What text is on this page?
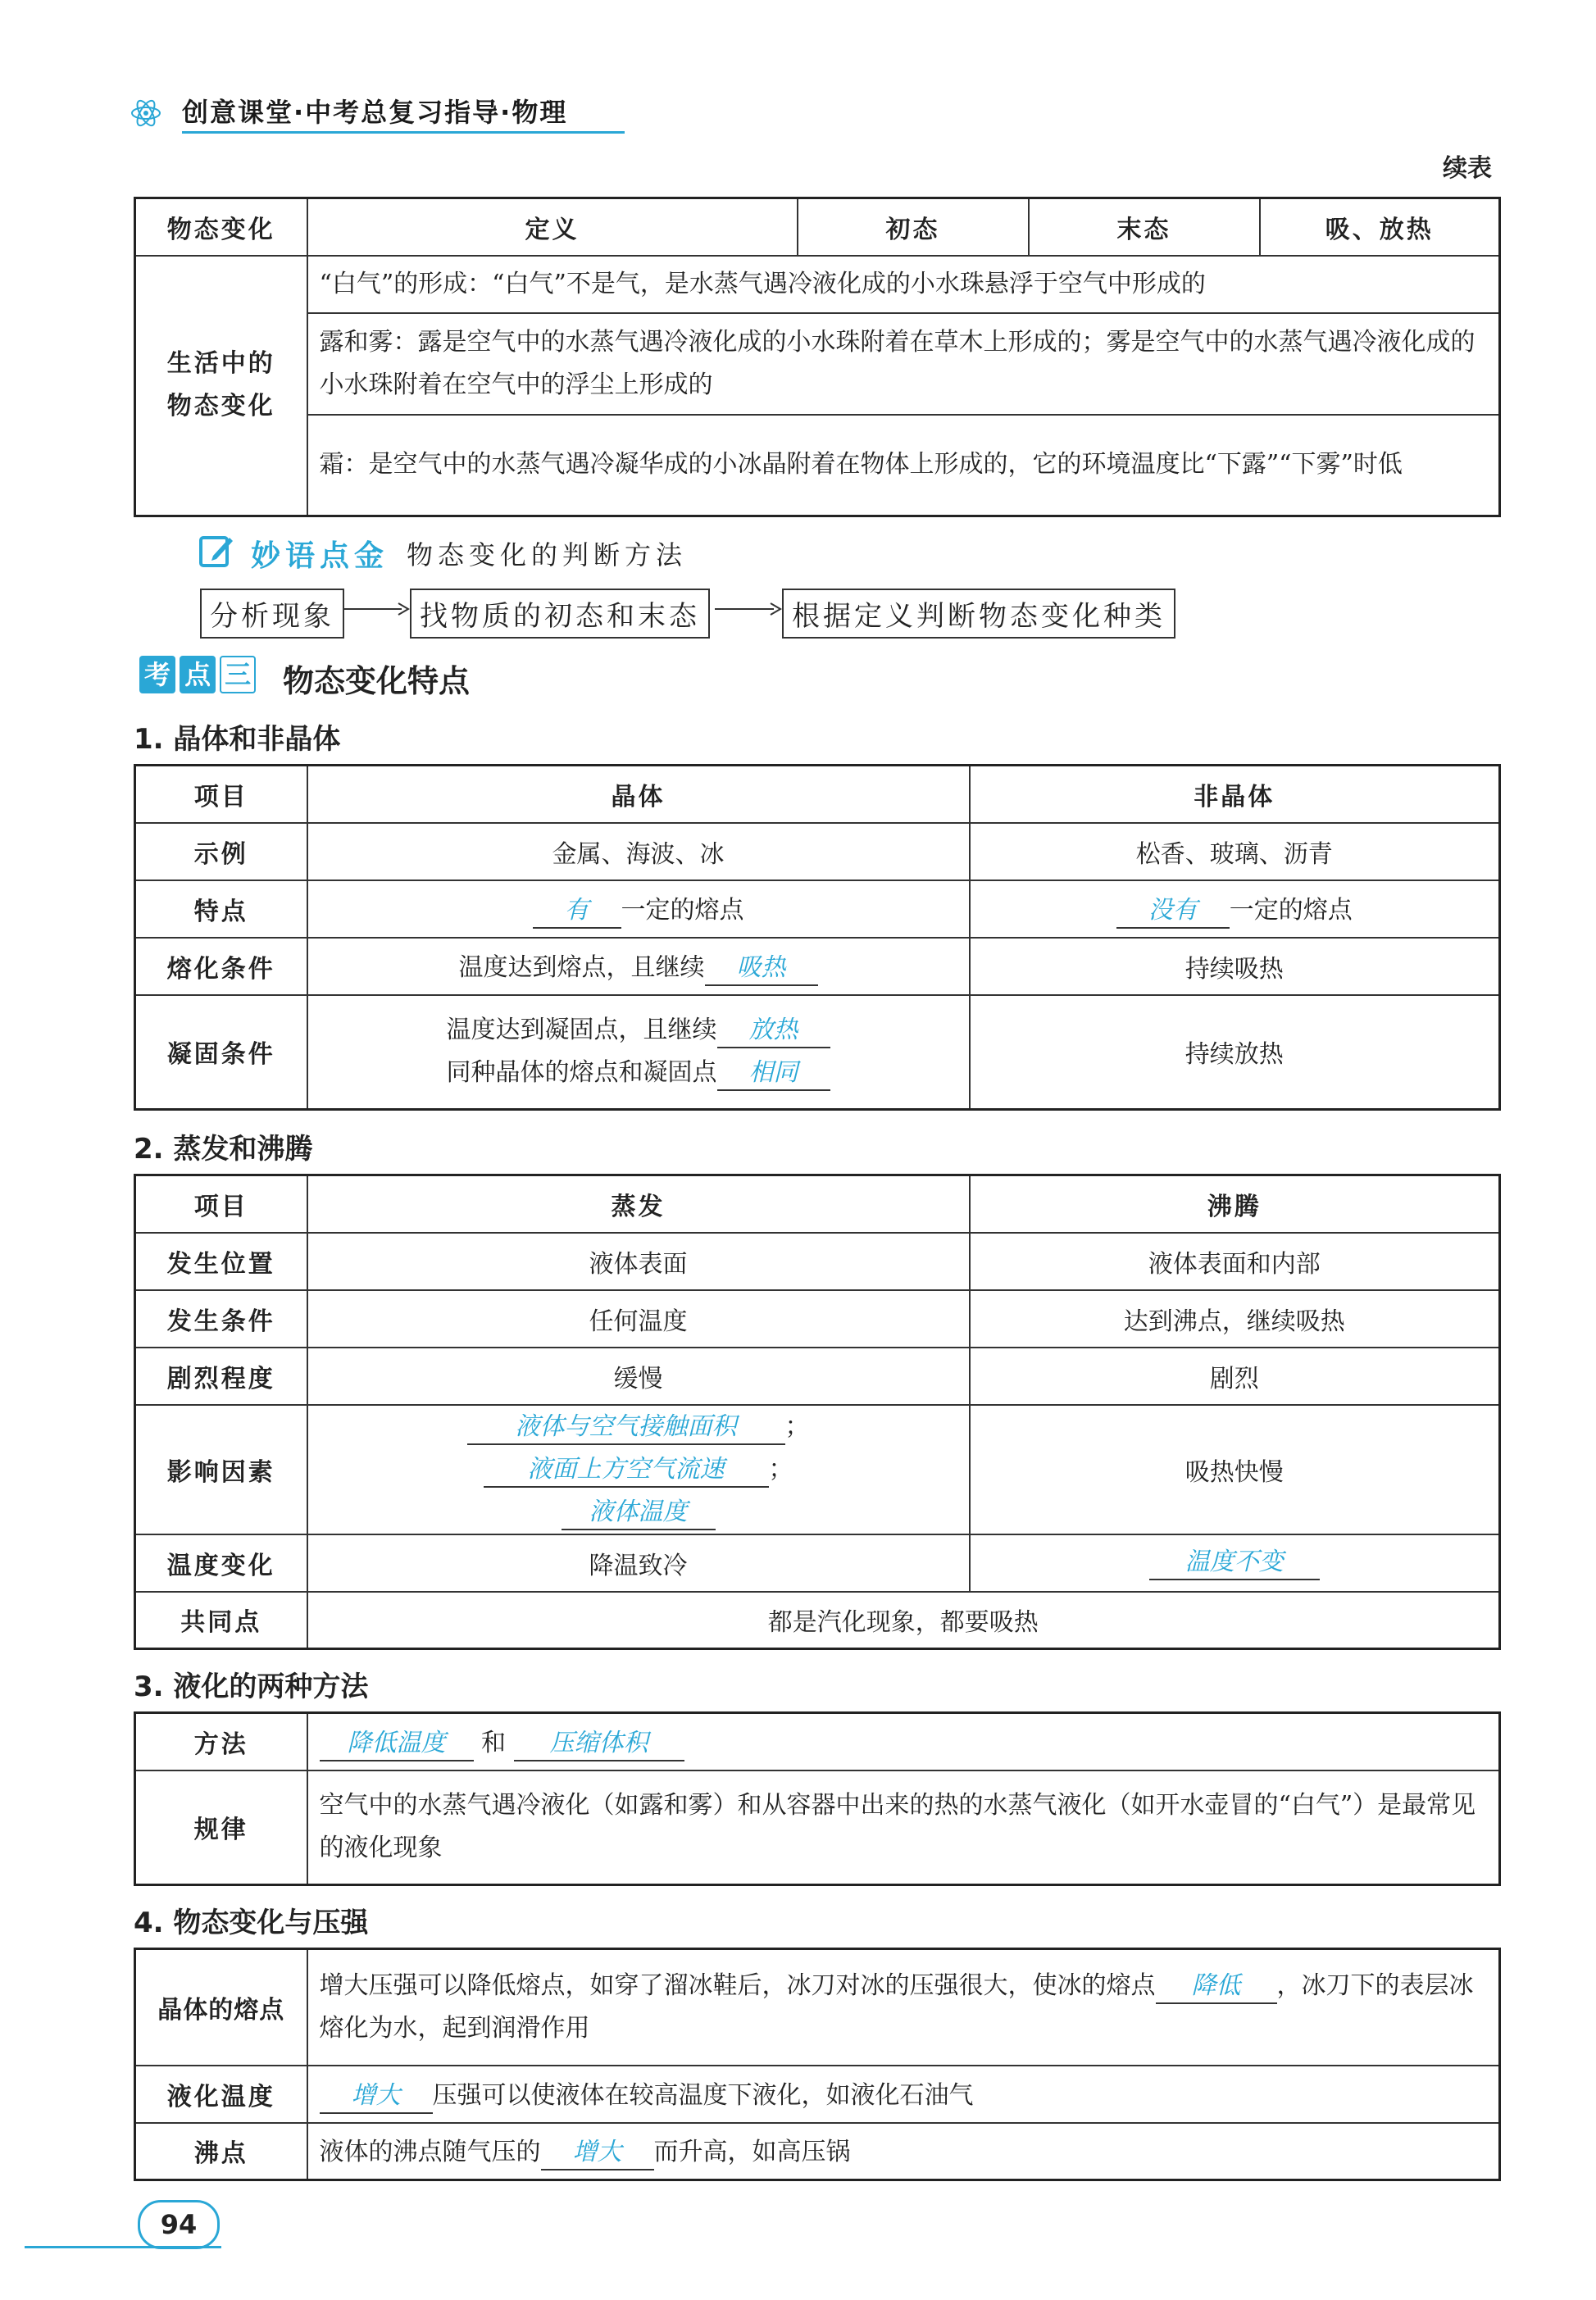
创意课堂·中考总复习指导·物理
续表
物态变化	定义	初态	末态	吸、放热
生活中的物态变化	“白气”的形成：“白气”不是气，是水蒸气遇冷液化成的小水珠悬浮于空气中形成的			
	露和雾：露是空气中的水蒸气遇冷液化成的小水珠附着在草木上形成的；雾是空气中的水蒸气遇冷液化成的小水珠附着在空气中的浮尘上形成的			
	霜：是空气中的水蒸气遇冷凝华成的小冰晶附着在物体上形成的，它的环境温度比“下露”“下雾”时低			
妙语点金 物态变化的判断方法
分析现象	找物质的初态和末态	根据定义判断物态变化种类
考 点 三 物态变化特点
1. 晶体和非晶体
项目	晶体	非晶体
示例	金属、海波、冰	松香、玻璃、沥青
特点	有 一定的熔点	没有 一定的熔点
熔化条件	温度达到熔点，且继续 吸热	持续吸热
凝固条件	温度达到凝固点，且继续 放热
同种晶体的熔点和凝固点 相同	持续放热
2. 蒸发和沸腾
项目	蒸发	沸腾
发生位置	液体表面	液体表面和内部
发生条件	任何温度	达到沸点，继续吸热
剧烈程度	缓慢	剧烈
影响因素	液体与空气接触面积 ；
液面上方空气流速 ；
液体温度	吸热快慢
温度变化	降温致冷	温度不变
共同点	都是汽化现象，都要吸热	
3. 液化的两种方法
方法	降低温度 和 压缩体积
规律	空气中的水蒸气遇冷液化（如露和雾）和从容器中出来的热的水蒸气液化（如开水壶冒的“白气”）是最常见的液化现象
4. 物态变化与压强
晶体的熔点	增大压强可以降低熔点，如穿了溜冰鞋后，冰刀对冰的压强很大，使冰的熔点 降低 ，冰刀下的表层冰熔化为水，起到润滑作用
液化温度	增大 压强可以使液体在较高温度下液化，如液化石油气
沸点	液体的沸点随气压的 增大 而升高，如高压锅
94
